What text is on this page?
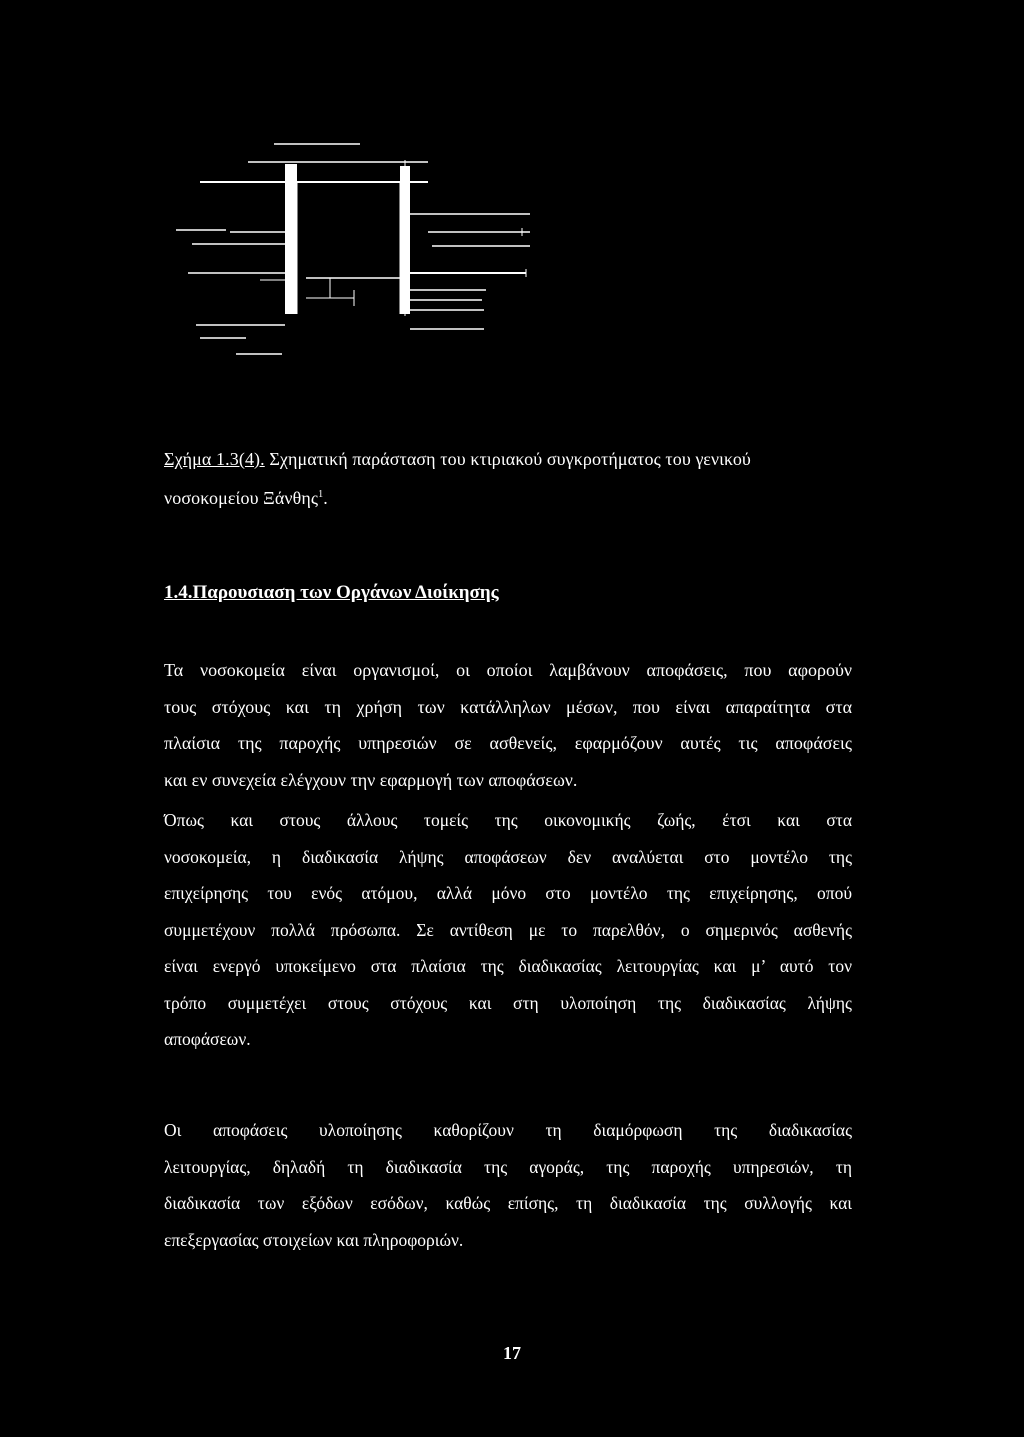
Σχήμα 1.3(4). Σχηματική παράσταση του κτιριακού συγκροτήματος του γενικού
νοσοκομείου Ξάνθης$^1$.
1.4.Παρουσιαση των Οργάνων Διοίκησης
Τα νοσοκομεία είναι οργανισμοί, οι οποίοι λαμβάνουν αποφάσεις, που αφορούν
τους στόχους και τη χρήση των κατάλληλων μέσων, που είναι απαραίτητα στα
πλαίσια της παροχής υπηρεσιών σε ασθενείς, εφαρμόζουν αυτές τις αποφάσεις
και εν συνεχεία ελέγχουν την εφαρμογή των αποφάσεων.
Όπως και στους άλλους τομείς της οικονομικής ζωής, έτσι και στα
νοσοκομεία, η διαδικασία λήψης αποφάσεων δεν αναλύεται στο μοντέλο της
επιχείρησης του ενός ατόμου, αλλά μόνο στο μοντέλο της επιχείρησης, οπού
συμμετέχουν πολλά πρόσωπα. Σε αντίθεση με το παρελθόν, ο σημερινός ασθενής
είναι ενεργό υποκείμενο στα πλαίσια της διαδικασίας λειτουργίας και μ’ αυτό τον
τρόπο συμμετέχει στους στόχους και στη υλοποίηση της διαδικασίας λήψης
αποφάσεων.
Οι αποφάσεις υλοποίησης καθορίζουν τη διαμόρφωση της διαδικασίας
λειτουργίας, δηλαδή τη διαδικασία της αγοράς, της παροχής υπηρεσιών, τη
διαδικασία των εξόδων εσόδων, καθώς επίσης, τη διαδικασία της συλλογής και
επεξεργασίας στοιχείων και πληροφοριών.
17
